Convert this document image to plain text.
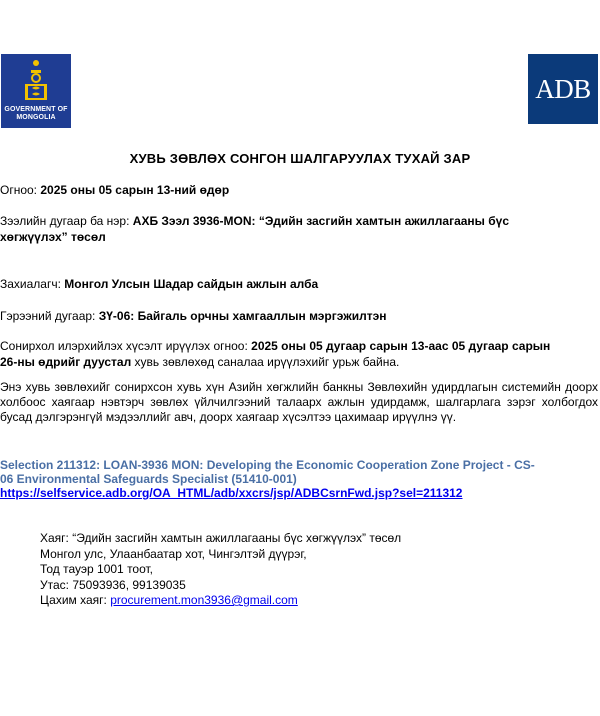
GOVERNMENT OF MONGOLIA
ADB
ХУВЬ ЗӨВЛӨХ СОНГОН ШАЛГАРУУЛАХ ТУХАЙ ЗАР
Огноо: 2025 оны 05 сарын 13-ний өдөр
Зээлийн дугаар ба нэр: АХБ Зээл 3936-MON: “Эдийн засгийн хамтын ажиллагааны бүс
хөгжүүлэх” төсөл
Захиалагч: Монгол Улсын Шадар сайдын ажлын алба
Гэрээний дугаар: ЗҮ-06: Байгаль орчны хамгааллын мэргэжилтэн
Сонирхол илэрхийлэх хүсэлт ирүүлэх огноо: 2025 оны 05 дугаар сарын 13-аас 05 дугаар сарын
26-ны өдрийг дуустал хувь зөвлөхөд саналаа ирүүлэхийг урьж байна.
Энэ хувь зөвлөхийг сонирхсон хувь хүн Азийн хөгжлийн банкны Зөвлөхийн удирдлагын системийн доорх холбоос хаягаар нэвтэрч зөвлөх үйлчилгээний талаарх ажлын удирдамж, шалгарлага зэрэг холбогдох бусад дэлгэрэнгүй мэдээллийг авч, доорх хаягаар хүсэлтээ цахимаар ирүүлнэ үү.
Selection 211312: LOAN-3936 MON: Developing the Economic Cooperation Zone Project - CS-
06 Environmental Safeguards Specialist (51410-001)
https://selfservice.adb.org/OA_HTML/adb/xxcrs/jsp/ADBCsrnFwd.jsp?sel=211312
Хаяг: “Эдийн засгийн хамтын ажиллагааны бүс хөгжүүлэх” төсөл
Монгол улс, Улаанбаатар хот, Чингэлтэй дүүрэг,
Тод тауэр 1001 тоот,
Утас: 75093936, 99139035
Цахим хаяг: procurement.mon3936@gmail.com
